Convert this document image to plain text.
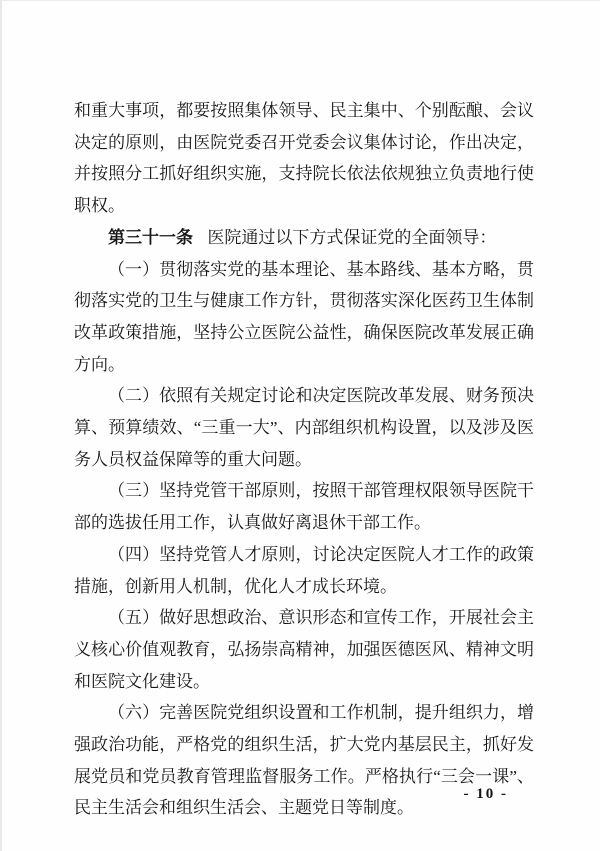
和重大事项，都要按照集体领导、民主集中、个别酝酿、会议决定的原则，由医院党委召开党委会议集体讨论，作出决定，并按照分工抓好组织实施，支持院长依法依规独立负责地行使职权。

第三十一条 医院通过以下方式保证党的全面领导：

（一）贯彻落实党的基本理论、基本路线、基本方略，贯彻落实党的卫生与健康工作方针，贯彻落实深化医药卫生体制改革政策措施，坚持公立医院公益性，确保医院改革发展正确方向。

（二）依照有关规定讨论和决定医院改革发展、财务预决算、预算绩效、“三重一大”、内部组织机构设置，以及涉及医务人员权益保障等的重大问题。

（三）坚持党管干部原则，按照干部管理权限领导医院干部的选拔任用工作，认真做好离退休干部工作。

（四）坚持党管人才原则，讨论决定医院人才工作的政策措施，创新用人机制，优化人才成长环境。

（五）做好思想政治、意识形态和宣传工作，开展社会主义核心价值观教育，弘扬崇高精神，加强医德医风、精神文明和医院文化建设。

（六）完善医院党组织设置和工作机制，提升组织力，增强政治功能，严格党的组织生活，扩大党内基层民主，抓好发展党员和党员教育管理监督服务工作。严格执行“三会一课”、民主生活会和组织生活会、主题党日等制度。

- 10 -
